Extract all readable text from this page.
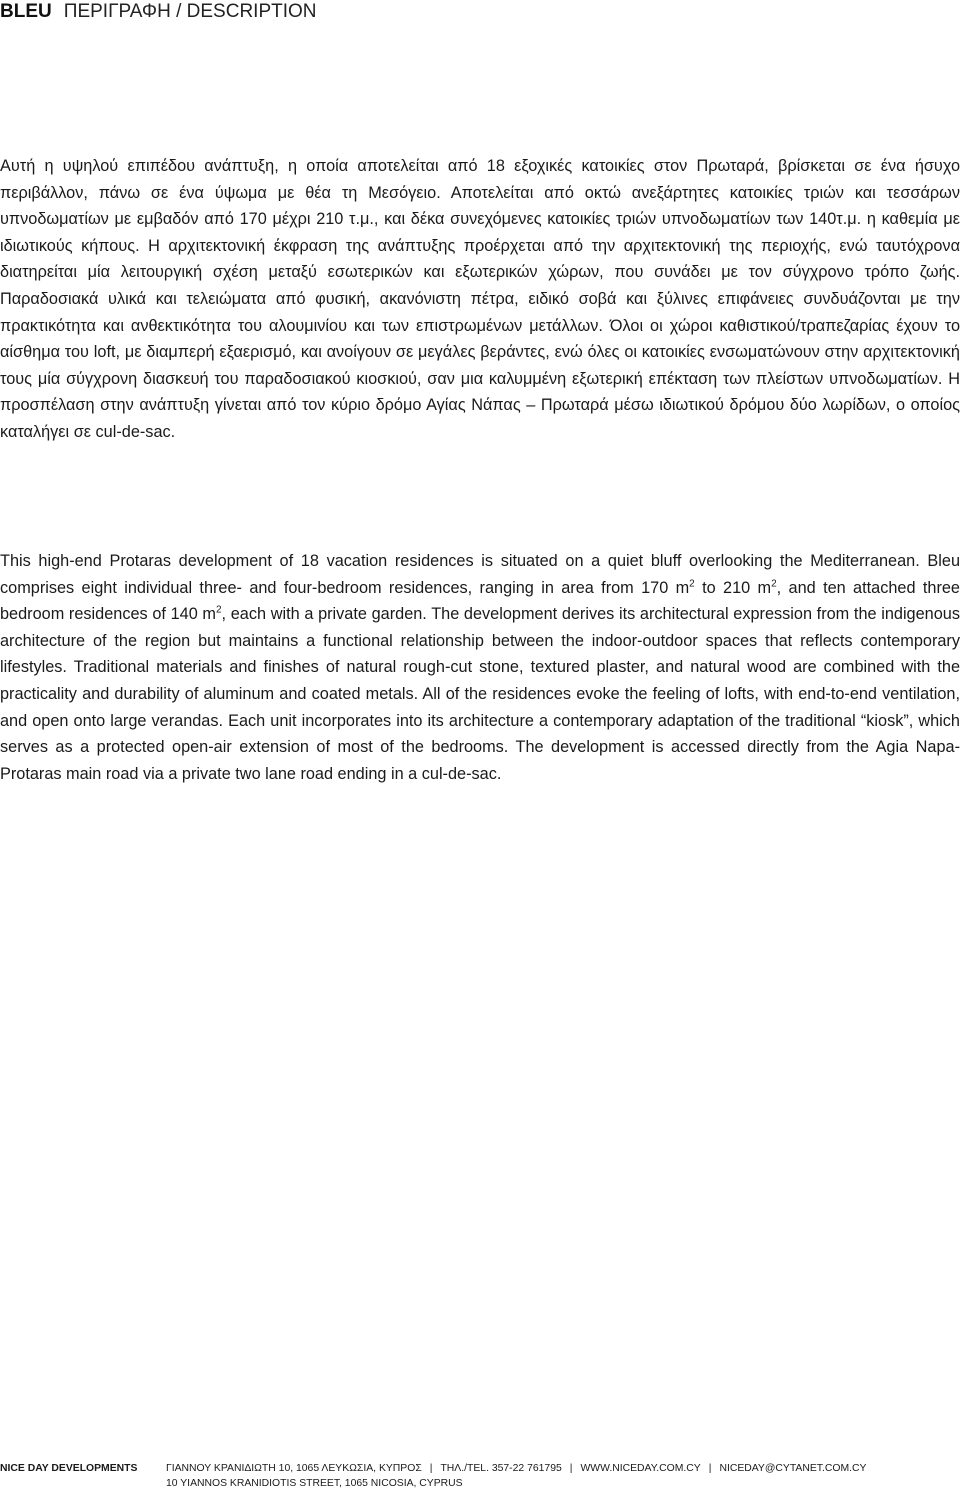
BLEU ΠΕΡΙΓΡΑΦΗ / DESCRIPTION

Αυτή η υψηλού επιπέδου ανάπτυξη, η οποία αποτελείται από 18 εξοχικές κατοικίες στον Πρωταρά, βρίσκεται σε ένα ήσυχο περιβάλλον, πάνω σε ένα ύψωμα με θέα τη Μεσόγειο. Αποτελείται από οκτώ ανεξάρτητες κατοικίες τριών και τεσσάρων υπνοδωματίων με εμβαδόν από 170 μέχρι 210 τ.μ., και δέκα συνεχόμενες κατοικίες τριών υπνοδωματίων των 140τ.μ. η καθεμία με ιδιωτικούς κήπους. Η αρχιτεκτονική έκφραση της ανάπτυξης προέρχεται από την αρχιτεκτονική της περιοχής, ενώ ταυτόχρονα διατηρείται μία λειτουργική σχέση μεταξύ εσωτερικών και εξωτερικών χώρων, που συνάδει με τον σύγχρονο τρόπο ζωής. Παραδοσιακά υλικά και τελειώματα από φυσική, ακανόνιστη πέτρα, ειδικό σοβά και ξύλινες επιφάνειες συνδυάζονται με την πρακτικότητα και ανθεκτικότητα του αλουμινίου και των επιστρωμένων μετάλλων. Όλοι οι χώροι καθιστικού/τραπεζαρίας έχουν το αίσθημα του loft, με διαμπερή εξαερισμό, και ανοίγουν σε μεγάλες βεράντες, ενώ όλες οι κατοικίες ενσωματώνουν στην αρχιτεκτονική τους μία σύγχρονη διασκευή του παραδοσιακού κιοσκιού, σαν μια καλυμμένη εξωτερική επέκταση των πλείστων υπνοδωματίων. Η προσπέλαση στην ανάπτυξη γίνεται από τον κύριο δρόμο Αγίας Νάπας – Πρωταρά μέσω ιδιωτικού δρόμου δύο λωρίδων, ο οποίος καταλήγει σε cul-de-sac.

This high-end Protaras development of 18 vacation residences is situated on a quiet bluff overlooking the Mediterranean. Bleu comprises eight individual three- and four-bedroom residences, ranging in area from 170 $m^2$ to 210 $m^2$, and ten attached three bedroom residences of 140 $m^2$, each with a private garden. The development derives its architectural expression from the indigenous architecture of the region but maintains a functional relationship between the indoor-outdoor spaces that reflects contemporary lifestyles. Traditional materials and finishes of natural rough-cut stone, textured plaster, and natural wood are combined with the practicality and durability of aluminum and coated metals. All of the residences evoke the feeling of lofts, with end-to-end ventilation, and open onto large verandas. Each unit incorporates into its architecture a contemporary adaptation of the traditional “kiosk”, which serves as a protected open-air extension of most of the bedrooms. The development is accessed directly from the Agia Napa-Protaras main road via a private two lane road ending in a cul-de-sac.

NICE DAY DEVELOPMENTS	ΓΙΑΝΝΟΥ ΚΡΑΝΙΔΙΩΤΗ 10, 1065 ΛΕΥΚΩΣΙΑ, ΚΥΠΡΟΣ | ΤΗΛ./TEL. 357-22 761795 | WWW.NICEDAY.COM.CY | NICEDAY@CYTANET.COM.CY
10 YIANNOS KRANIDIOTIS STREET, 1065 NICOSIA, CYPRUS
